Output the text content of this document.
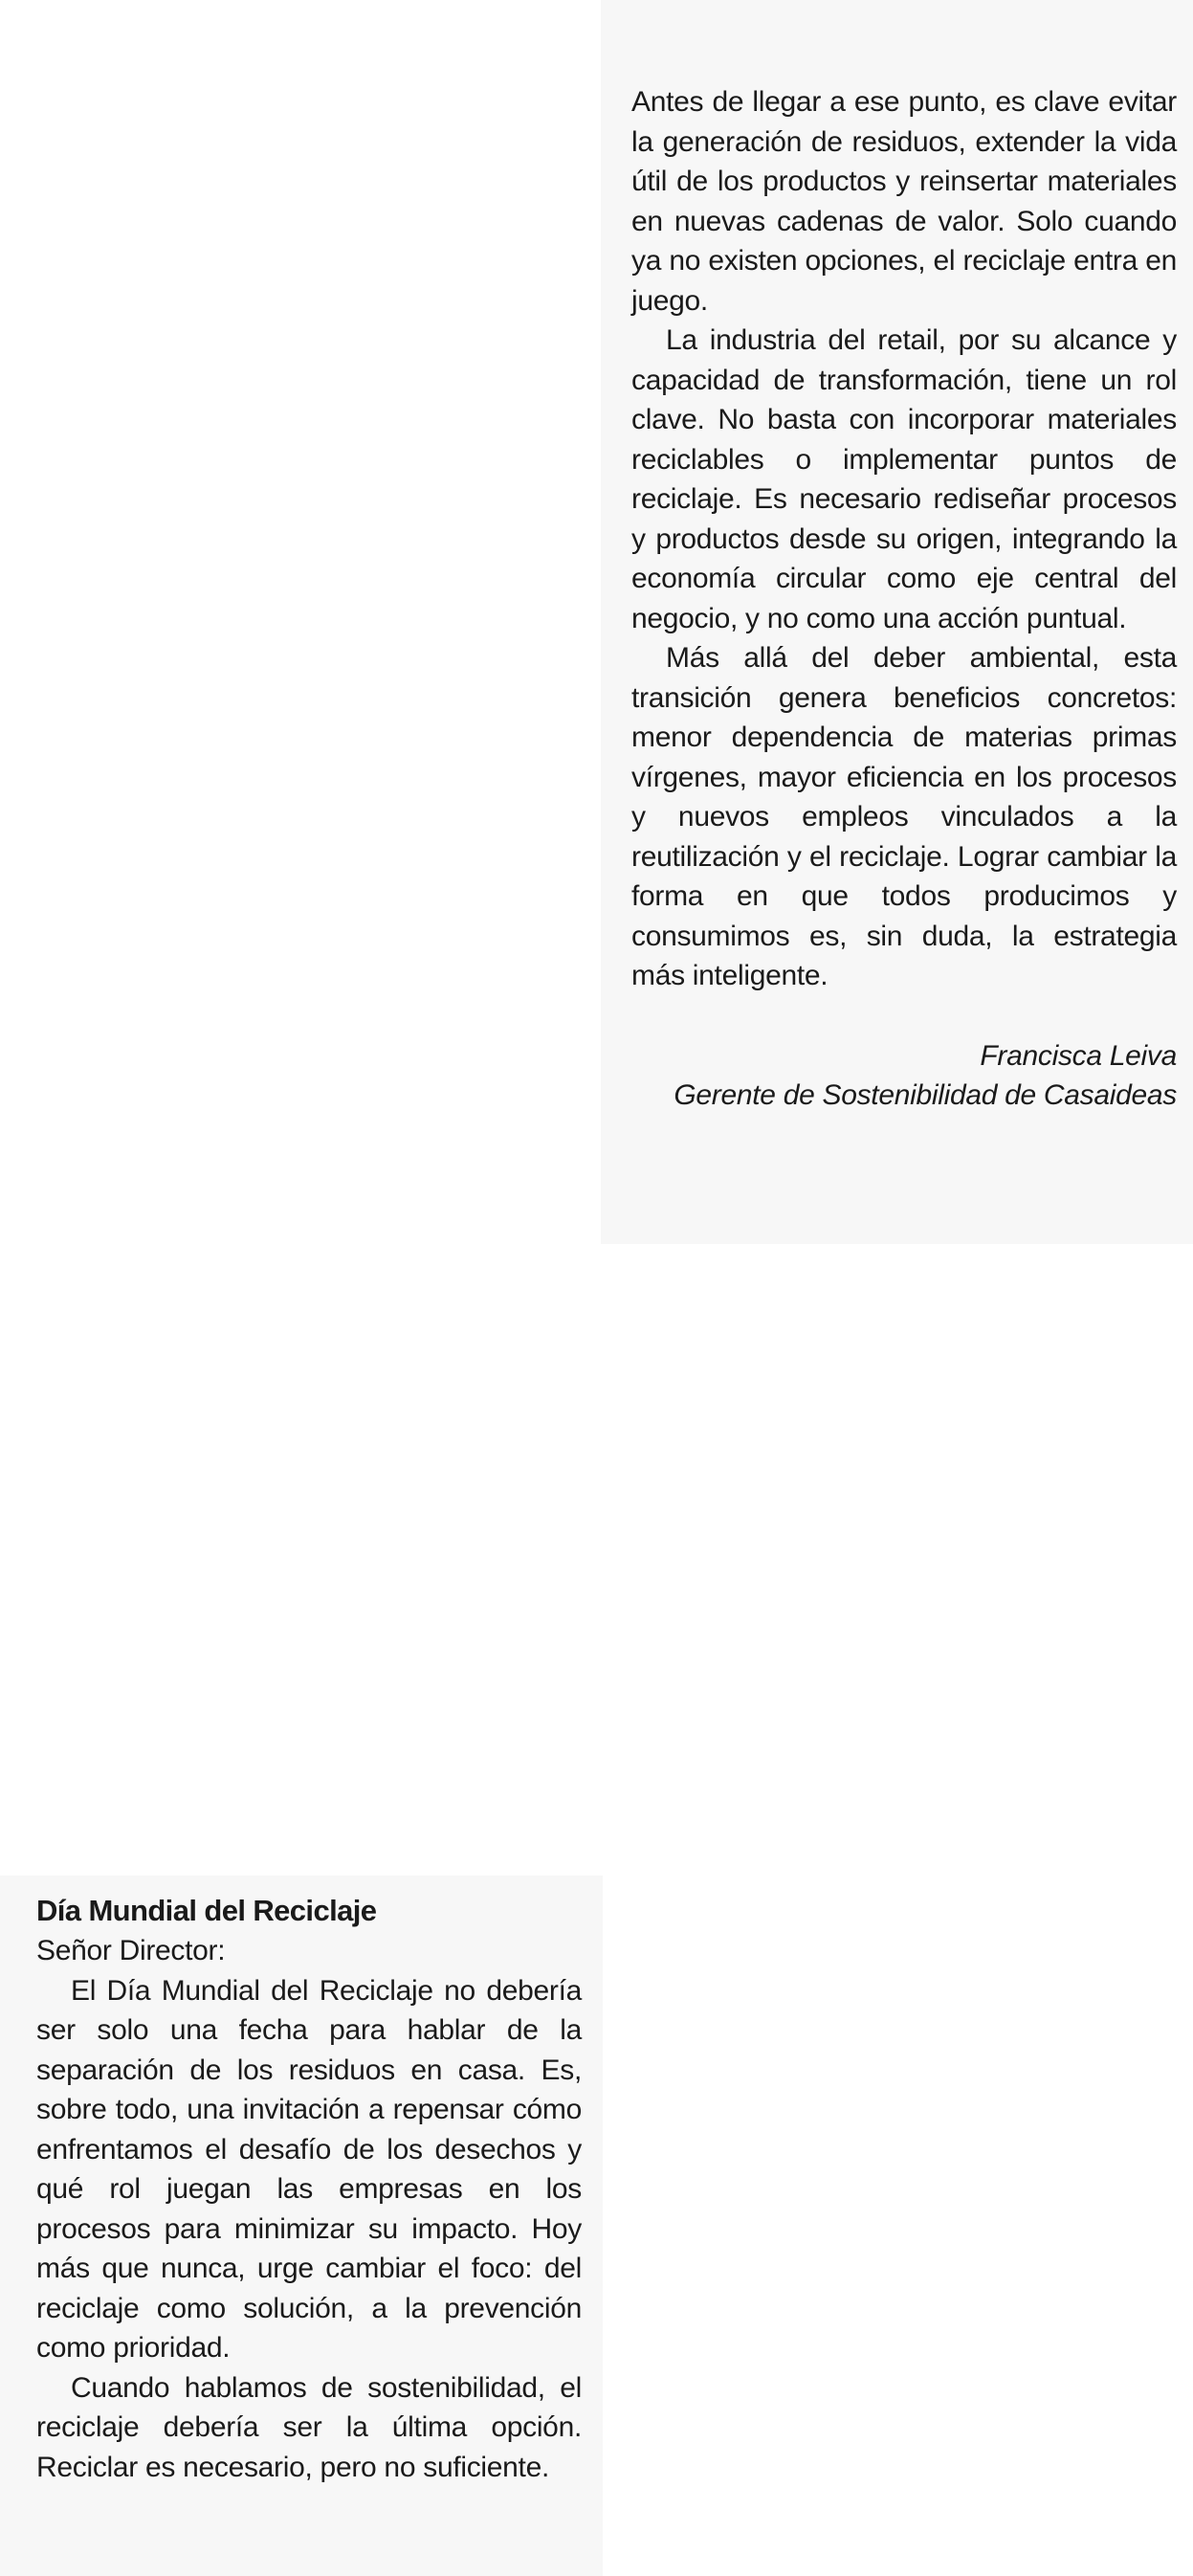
Antes de llegar a ese punto, es clave evitar la generación de residuos, extender la vida útil de los productos y reinsertar materiales en nuevas cadenas de valor. Solo cuando ya no existen opciones, el reciclaje entra en juego.

La industria del retail, por su alcance y capacidad de transformación, tiene un rol clave. No basta con incorporar materiales reciclables o implementar puntos de reciclaje. Es necesario rediseñar procesos y productos desde su origen, integrando la economía circular como eje central del negocio, y no como una acción puntual.

Más allá del deber ambiental, esta transición genera beneficios concretos: menor dependencia de materias primas vírgenes, mayor eficiencia en los procesos y nuevos empleos vinculados a la reutilización y el reciclaje. Lograr cambiar la forma en que todos producimos y consumimos es, sin duda, la estrategia más inteligente.

Francisca Leiva
Gerente de Sostenibilidad de Casaideas
Día Mundial del Reciclaje

Señor Director:

El Día Mundial del Reciclaje no debería ser solo una fecha para hablar de la separación de los residuos en casa. Es, sobre todo, una invitación a repensar cómo enfrentamos el desafío de los desechos y qué rol juegan las empresas en los procesos para minimizar su impacto. Hoy más que nunca, urge cambiar el foco: del reciclaje como solución, a la prevención como prioridad.

Cuando hablamos de sostenibilidad, el reciclaje debería ser la última opción. Reciclar es necesario, pero no suficiente.
